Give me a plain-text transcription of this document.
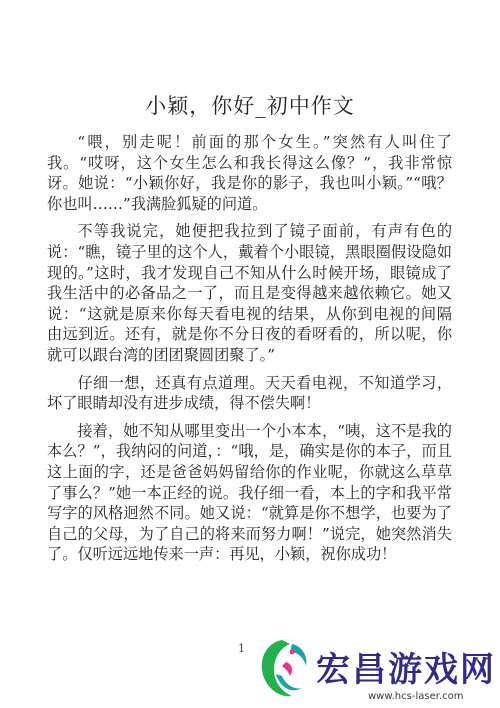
小颖，你好_初中作文

“喂，别走呢！前面的那个女生。”突然有人叫住了我。“哎呀，这个女生怎么和我长得这么像？”，我非常惊讶。她说：“小颖你好，我是你的影子，我也叫小颖。”“哦？你也叫……”我满脸狐疑的问道。

不等我说完，她便把我拉到了镜子面前，有声有色的说：“瞧，镜子里的这个人，戴着个小眼镜，黑眼圈假设隐如现的。”这时，我才发现自己不知从什么时候开场，眼镜成了我生活中的必备品之一了，而且是变得越来越依赖它。她又说：“这就是原来你每天看电视的结果，从你到电视的间隔　由远到近。还有，就是你不分日夜的看呀看的，所以呢，你就可以跟台湾的团团聚圆团聚了。”

仔细一想，还真有点道理。天天看电视，不知道学习，坏了眼睛却没有进步成绩，得不偿失啊！

接着，她不知从哪里变出一个小本本，“咦，这不是我的本么？”，我纳闷的问道，：“哦，是，确实是你的本子，而且这上面的字，还是爸爸妈妈留给你的作业呢，你就这么草草了事么？”她一本正经的说。我仔细一看，本上的字和我平常写字的风格迥然不同。她又说：“就算是你不想学，也要为了自己的父母，为了自己的将来而努力啊！”说完，她突然消失了。仅听远远地传来一声：再见，小颖，祝你成功！

1
宏昌游戏网
www.hcs-laser.com
